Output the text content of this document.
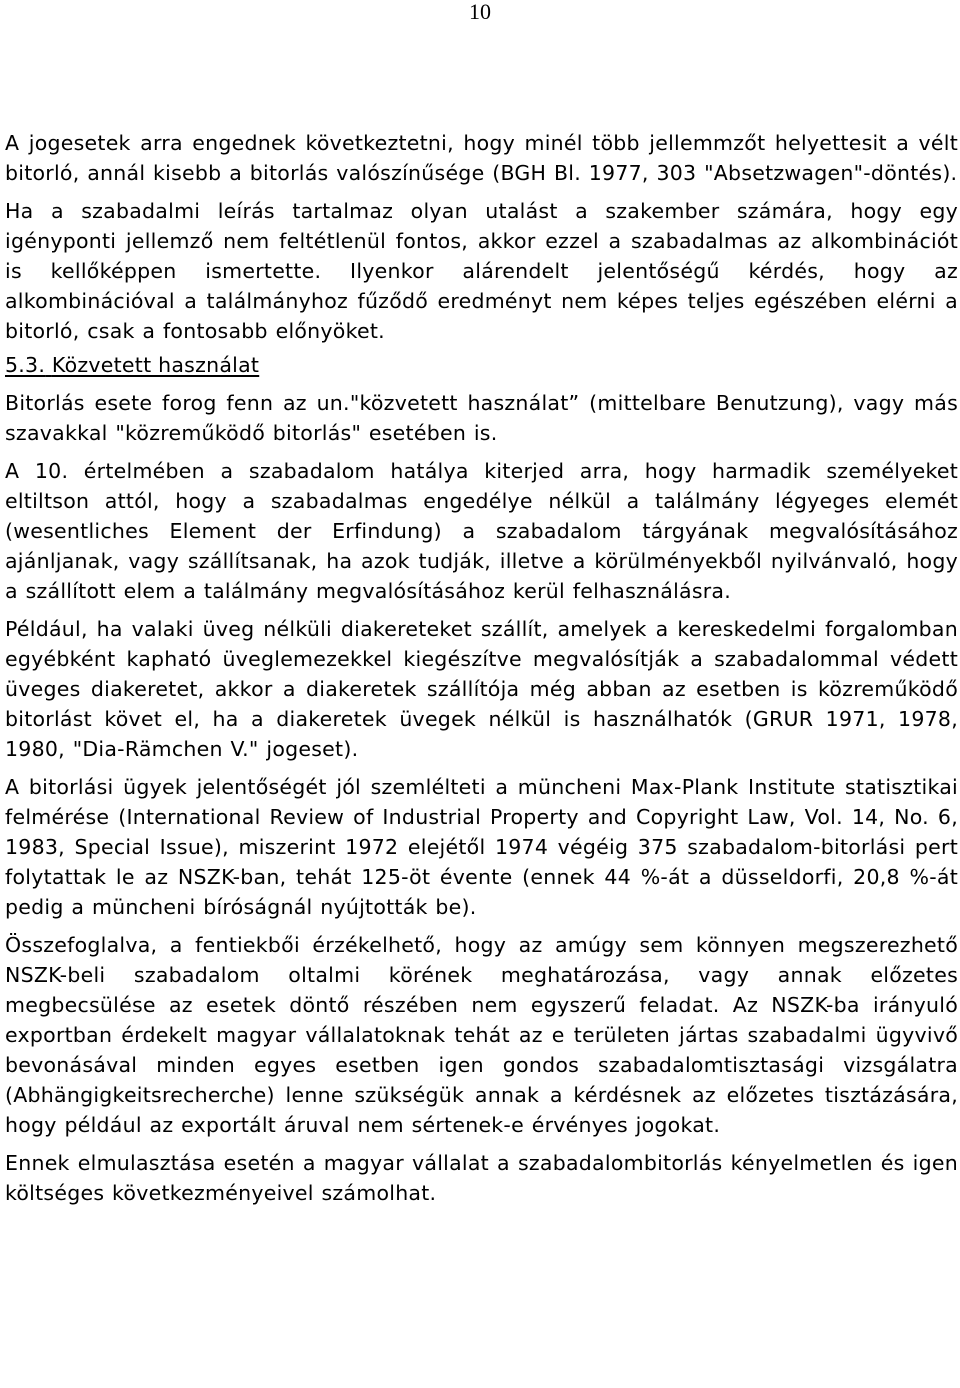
10

A jogesetek arra engednek következtetni, hogy minél több jellemmzőt helyettesit a vélt bitorló, annál kisebb a bitorlás valószínűsége (BGH Bl. 1977, 303 "Absetzwagen"-döntés).

Ha a szabadalmi leírás tartalmaz olyan utalást a szakember számára, hogy egy igényponti jellemző nem feltétlenül fontos, akkor ezzel a szabadalmas az alkombinációt is kellőképpen ismertette. Ilyenkor alárendelt jelentőségű kérdés, hogy az alkombinációval a találmányhoz fűződő eredményt nem képes teljes egészében elérni a bitorló, csak a fontosabb előnyöket.

5.3. Közvetett használat

Bitorlás esete forog fenn az un."közvetett használat” (mittelbare Benutzung), vagy más szavakkal "közreműködő bitorlás" esetében is.

A 10. értelmében a szabadalom hatálya kiterjed arra, hogy harmadik személyeket eltiltson attól, hogy a szabadalmas engedélye nélkül a találmány légyeges elemét (wesentliches Element der Erfindung) a szabadalom tárgyának megvalósításához ajánljanak, vagy szállítsanak, ha azok tudják, illetve a körülményekből nyilvánvaló, hogy a szállított elem a találmány megvalósításához kerül felhasználásra.

Például, ha valaki üveg nélküli diakereteket szállít, amelyek a kereskedelmi forgalomban egyébként kapható üveglemezekkel kiegészítve megvalósítják a szabadalommal védett üveges diakeretet, akkor a diakeretek szállítója még abban az esetben is közreműködő bitorlást követ el, ha a diakeretek üvegek nélkül is használhatók (GRUR 1971, 1978, 1980, "Dia-Rämchen V." jogeset).

A bitorlási ügyek jelentőségét jól szemlélteti a müncheni Max-Plank Institute statisztikai felmérése (International Review of Industrial Property and Copyright Law, Vol. 14, No. 6, 1983, Special Issue), miszerint 1972 elejétől 1974 végéig 375 szabadalom-bitorlási pert folytattak le az NSZK-ban, tehát 125-öt évente (ennek 44 %-át a düsseldorfi, 20,8 %-át pedig a müncheni bíróságnál nyújtották be).

Összefoglalva, a fentiekbői érzékelhető, hogy az amúgy sem könnyen megszerezhető NSZK-beli szabadalom oltalmi körének meghatározása, vagy annak előzetes megbecsülése az esetek döntő részében nem egyszerű feladat. Az NSZK-ba irányuló exportban érdekelt magyar vállalatoknak tehát az e területen jártas szabadalmi ügyvivő bevonásával minden egyes esetben igen gondos szabadalomtisztasági vizsgálatra (Abhängigkeitsrecherche) lenne szükségük annak a kérdésnek az előzetes tisztázására, hogy például az exportált áruval nem sértenek-e érvényes jogokat.

Ennek elmulasztása esetén a magyar vállalat a szabadalombitorlás kényelmetlen és igen költséges következményeivel számolhat.
